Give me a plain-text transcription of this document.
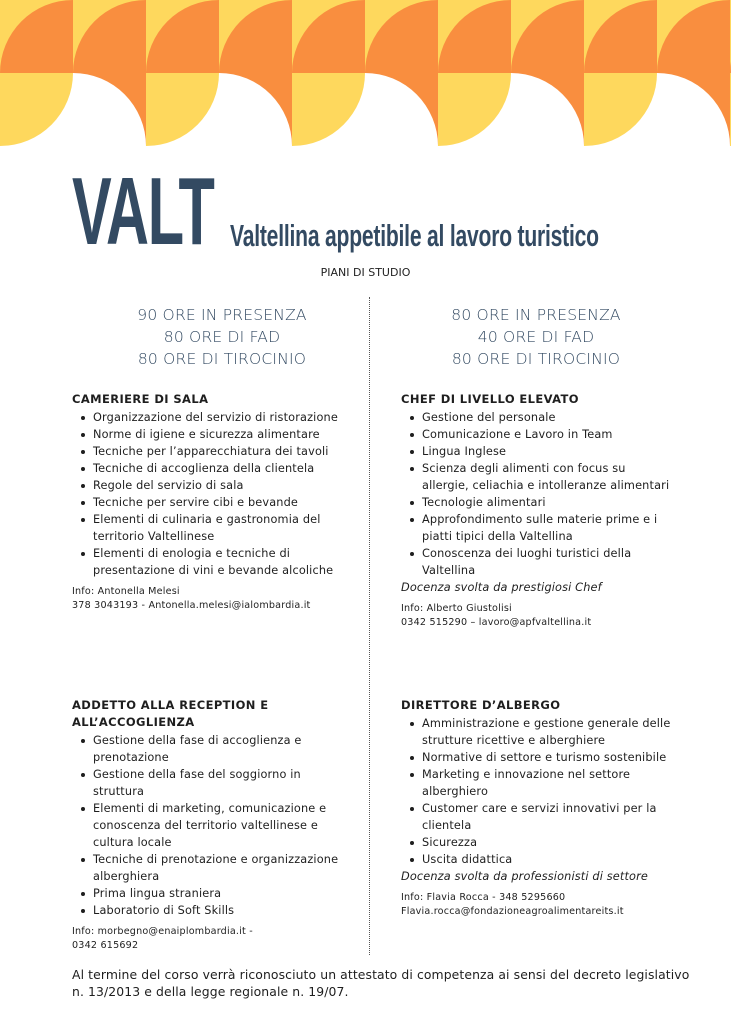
VALT Valtellina appetibile al lavoro turistico
PIANI DI STUDIO
90 ORE IN PRESENZA
80 ORE DI FAD
80 ORE DI TIROCINIO

CAMERIERE DI SALA

Organizzazione del servizio di ristorazione
Norme di igiene e sicurezza alimentare
Tecniche per l’apparecchiatura dei tavoli
Tecniche di accoglienza della clientela
Regole del servizio di sala
Tecniche per servire cibi e bevande
Elementi di culinaria e gastronomia del territorio Valtellinese
Elementi di enologia e tecniche di presentazione di vini e bevande alcoliche
Info: Antonella Melesi
378 3043193 - Antonella.melesi@ialombardia.it
80 ORE IN PRESENZA
40 ORE DI FAD
80 ORE DI TIROCINIO

CHEF DI LIVELLO ELEVATO

Gestione del personale
Comunicazione e Lavoro in Team
Lingua Inglese
Scienza degli alimenti con focus su allergie, celiachia e intolleranze alimentari
Tecnologie alimentari
Approfondimento sulle materie prime e i piatti tipici della Valtellina
Conoscenza dei luoghi turistici della Valtellina

Docenza svolta da prestigiosi Chef

Info: Alberto Giustolisi
0342 515290 – lavoro@apfvaltellina.it

ADDETTO ALLA RECEPTION E

ALL’ACCOGLIENZA

Gestione della fase di accoglienza e prenotazione
Gestione della fase del soggiorno in struttura
Elementi di marketing, comunicazione e conoscenza del territorio valtellinese e cultura locale
Tecniche di prenotazione e organizzazione alberghiera
Prima lingua straniera
Laboratorio di Soft Skills
Info: morbegno@enaiplombardia.it -
0342 615692

DIRETTORE D’ALBERGO

Amministrazione e gestione generale delle strutture ricettive e alberghiere
Normative di settore e turismo sostenibile
Marketing e innovazione nel settore alberghiero
Customer care e servizi innovativi per la clientela
Sicurezza
Uscita didattica

Docenza svolta da professionisti di settore

Info: Flavia Rocca - 348 5295660
Flavia.rocca@fondazioneagroalimentareits.it
Al termine del corso verrà riconosciuto un attestato di competenza ai sensi del decreto legislativo n. 13/2013 e della legge regionale n. 19/07.
